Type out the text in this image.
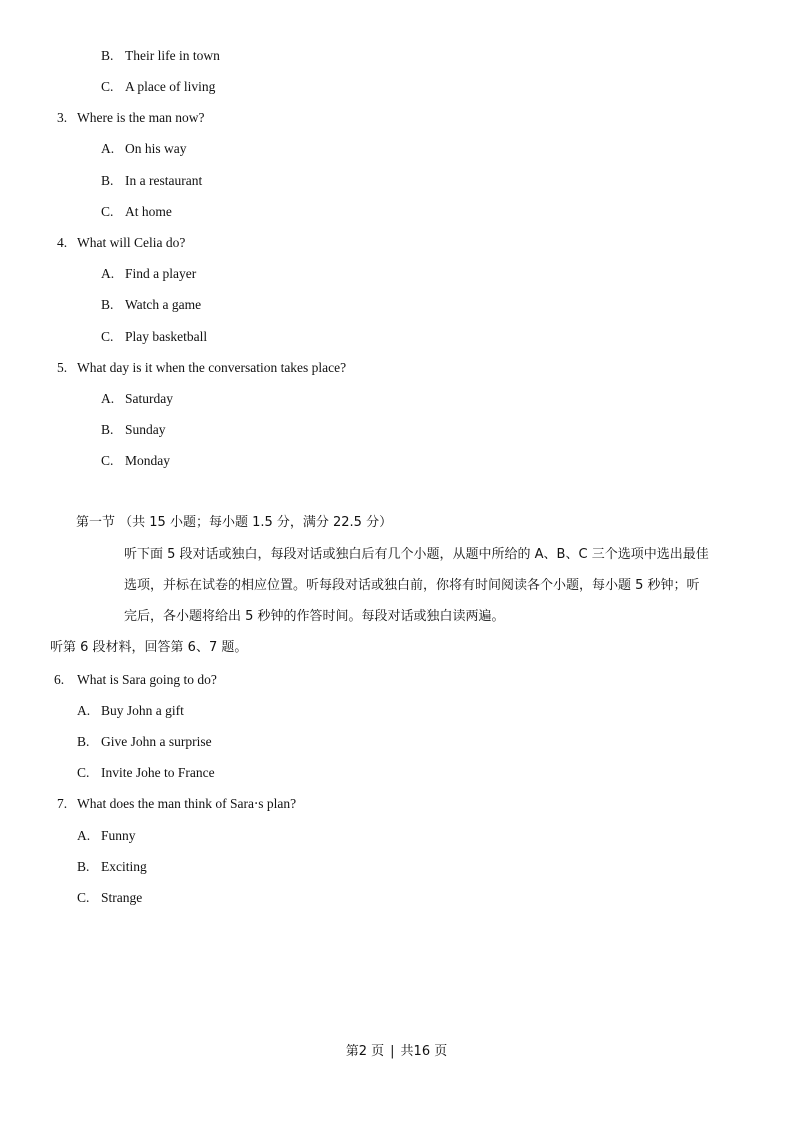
B. Their life in town
C. A place of living
3. Where is the man now?
A. On his way
B. In a restaurant
C. At home
4. What will Celia do?
A. Find a player
B. Watch a game
C. Play basketball
5. What day is it when the conversation takes place?
A. Saturday
B. Sunday
C. Monday
第一节 （共 15 小题；每小题 1.5 分，满分 22.5 分）
听下面 5 段对话或独白，每段对话或独白后有几个小题，从题中所给的 A、B、C 三个选项中选出最佳
选项，并标在试卷的相应位置。听每段对话或独白前，你将有时间阅读各个小题，每小题 5 秒钟；听
完后，各小题将给出 5 秒钟的作答时间。每段对话或独白读两遍。
听第 6 段材料，回答第 6、7 题。
6. What is Sara going to do?
A. Buy John a gift
B. Give John a surprise
C. Invite Johe to France
7. What does the man think of Sara‧s plan?
A. Funny
B. Exciting
C. Strange
第2 页 | 共16 页
